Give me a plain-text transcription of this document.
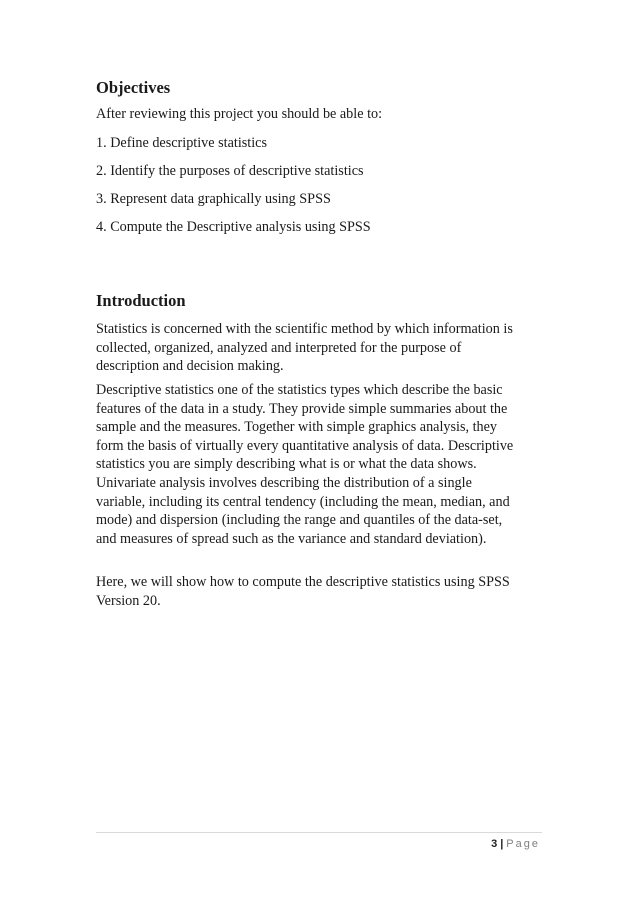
Objectives

After reviewing this project you should be able to:

1. Define descriptive statistics

2. Identify the purposes of descriptive statistics

3. Represent data graphically using SPSS

4. Compute the Descriptive analysis using SPSS

Introduction
Statistics is concerned with the scientific method by which information is
collected, organized, analyzed and interpreted for the purpose of
description and decision making.
Descriptive statistics one of the statistics types which describe the basic
features of the data in a study. They provide simple summaries about the
sample and the measures. Together with simple graphics analysis, they
form the basis of virtually every quantitative analysis of data. Descriptive
statistics you are simply describing what is or what the data shows.
Univariate analysis involves describing the distribution of a single
variable, including its central tendency (including the mean, median, and
mode) and dispersion (including the range and quantiles of the data-set,
and measures of spread such as the variance and standard deviation).
Here, we will show how to compute the descriptive statistics using SPSS
Version 20.
3 | Page
